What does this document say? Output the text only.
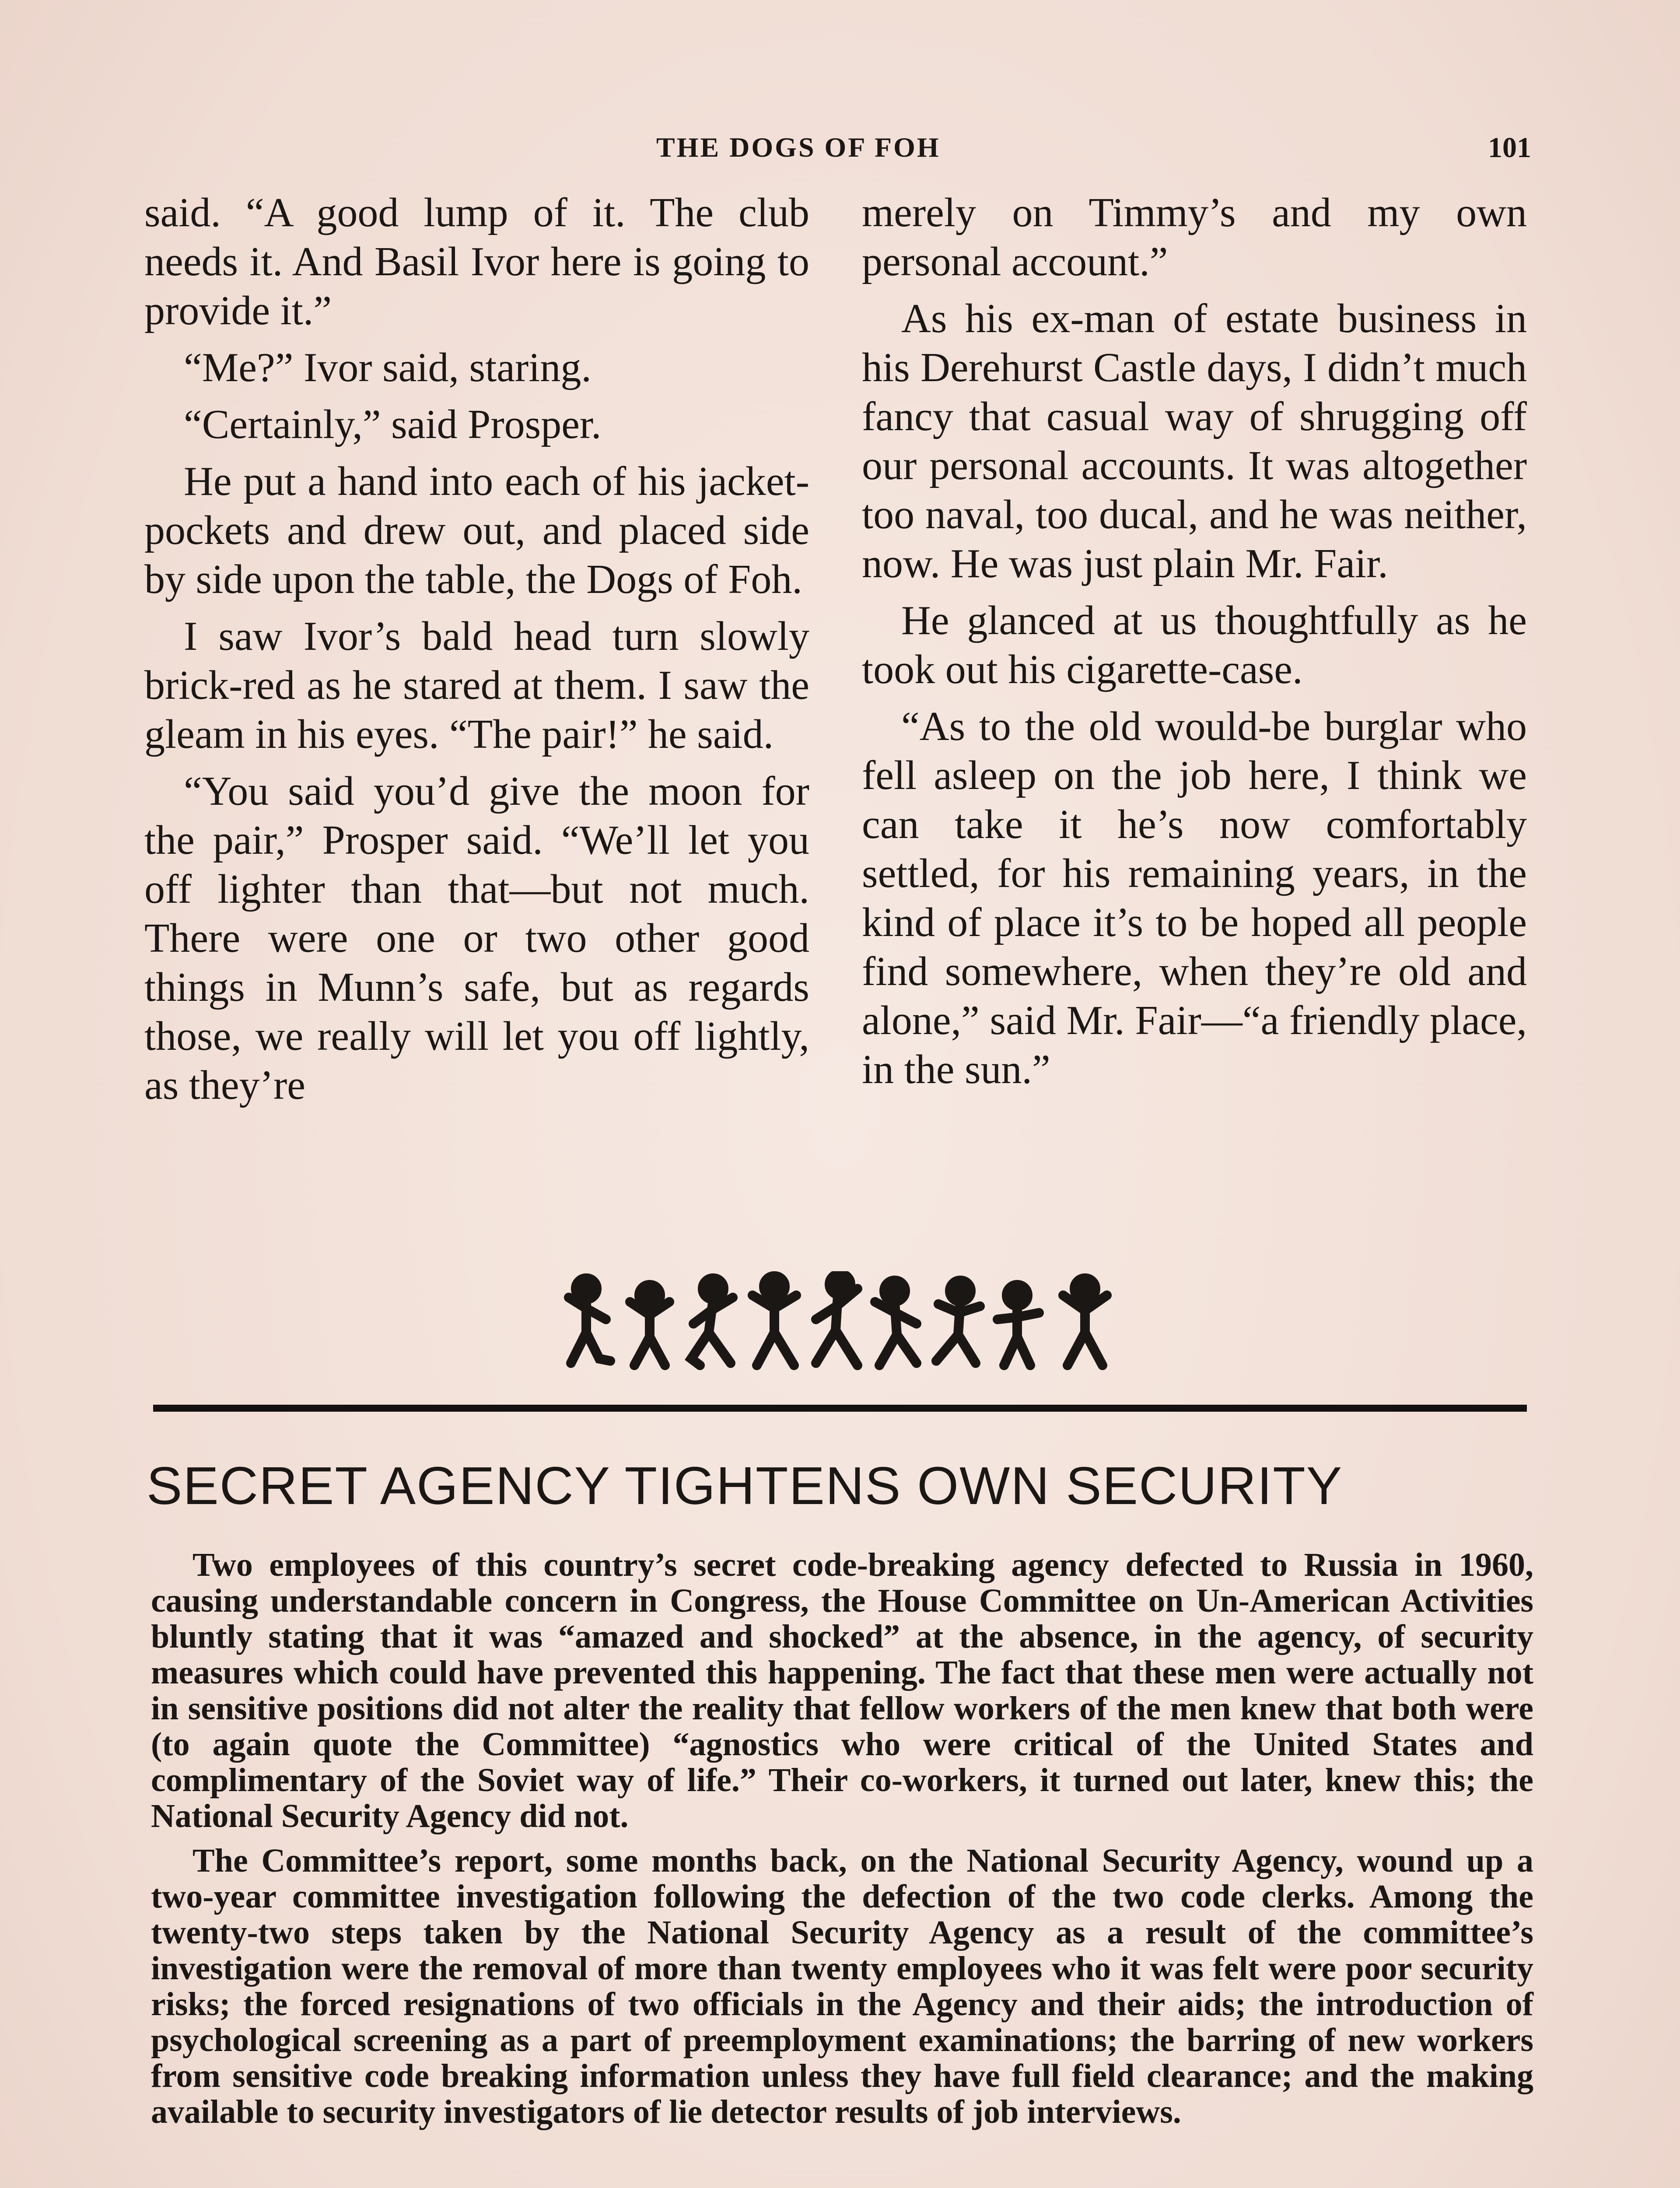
THE DOGS OF FOH	101

said. “A good lump of it. The club needs it. And Basil Ivor here is going to provide it.”

“Me?” Ivor said, staring.

“Certainly,” said Prosper.

He put a hand into each of his jacket-pockets and drew out, and placed side by side upon the table, the Dogs of Foh.

I saw Ivor’s bald head turn slowly brick-red as he stared at them. I saw the gleam in his eyes. “The pair!” he said.

“You said you’d give the moon for the pair,” Prosper said. “We’ll let you off lighter than that—but not much. There were one or two other good things in Munn’s safe, but as regards those, we really will let you off lightly, as they’re

merely on Timmy’s and my own personal account.”

As his ex-man of estate business in his Derehurst Castle days, I didn’t much fancy that casual way of shrugging off our personal accounts. It was altogether too naval, too ducal, and he was neither, now. He was just plain Mr. Fair.

He glanced at us thoughtfully as he took out his cigarette-case.

“As to the old would-be burglar who fell asleep on the job here, I think we can take it he’s now comfortably settled, for his remaining years, in the kind of place it’s to be hoped all people find somewhere, when they’re old and alone,” said Mr. Fair—“a friendly place, in the sun.”

SECRET AGENCY TIGHTENS OWN SECURITY

Two employees of this country’s secret code-breaking agency defected to Russia in 1960, causing understandable concern in Congress, the House Committee on Un-American Activities bluntly stating that it was “amazed and shocked” at the absence, in the agency, of security measures which could have prevented this happening. The fact that these men were actually not in sensitive positions did not alter the reality that fellow workers of the men knew that both were (to again quote the Committee) “agnostics who were critical of the United States and complimentary of the Soviet way of life.” Their co-workers, it turned out later, knew this; the National Security Agency did not.

The Committee’s report, some months back, on the National Security Agency, wound up a two-year committee investigation following the defection of the two code clerks. Among the twenty-two steps taken by the National Security Agency as a result of the committee’s investigation were the removal of more than twenty employees who it was felt were poor security risks; the forced resignations of two officials in the Agency and their aids; the introduction of psychological screening as a part of preemployment examinations; the barring of new workers from sensitive code breaking information unless they have full field clearance; and the making available to security investigators of lie detector results of job interviews.
